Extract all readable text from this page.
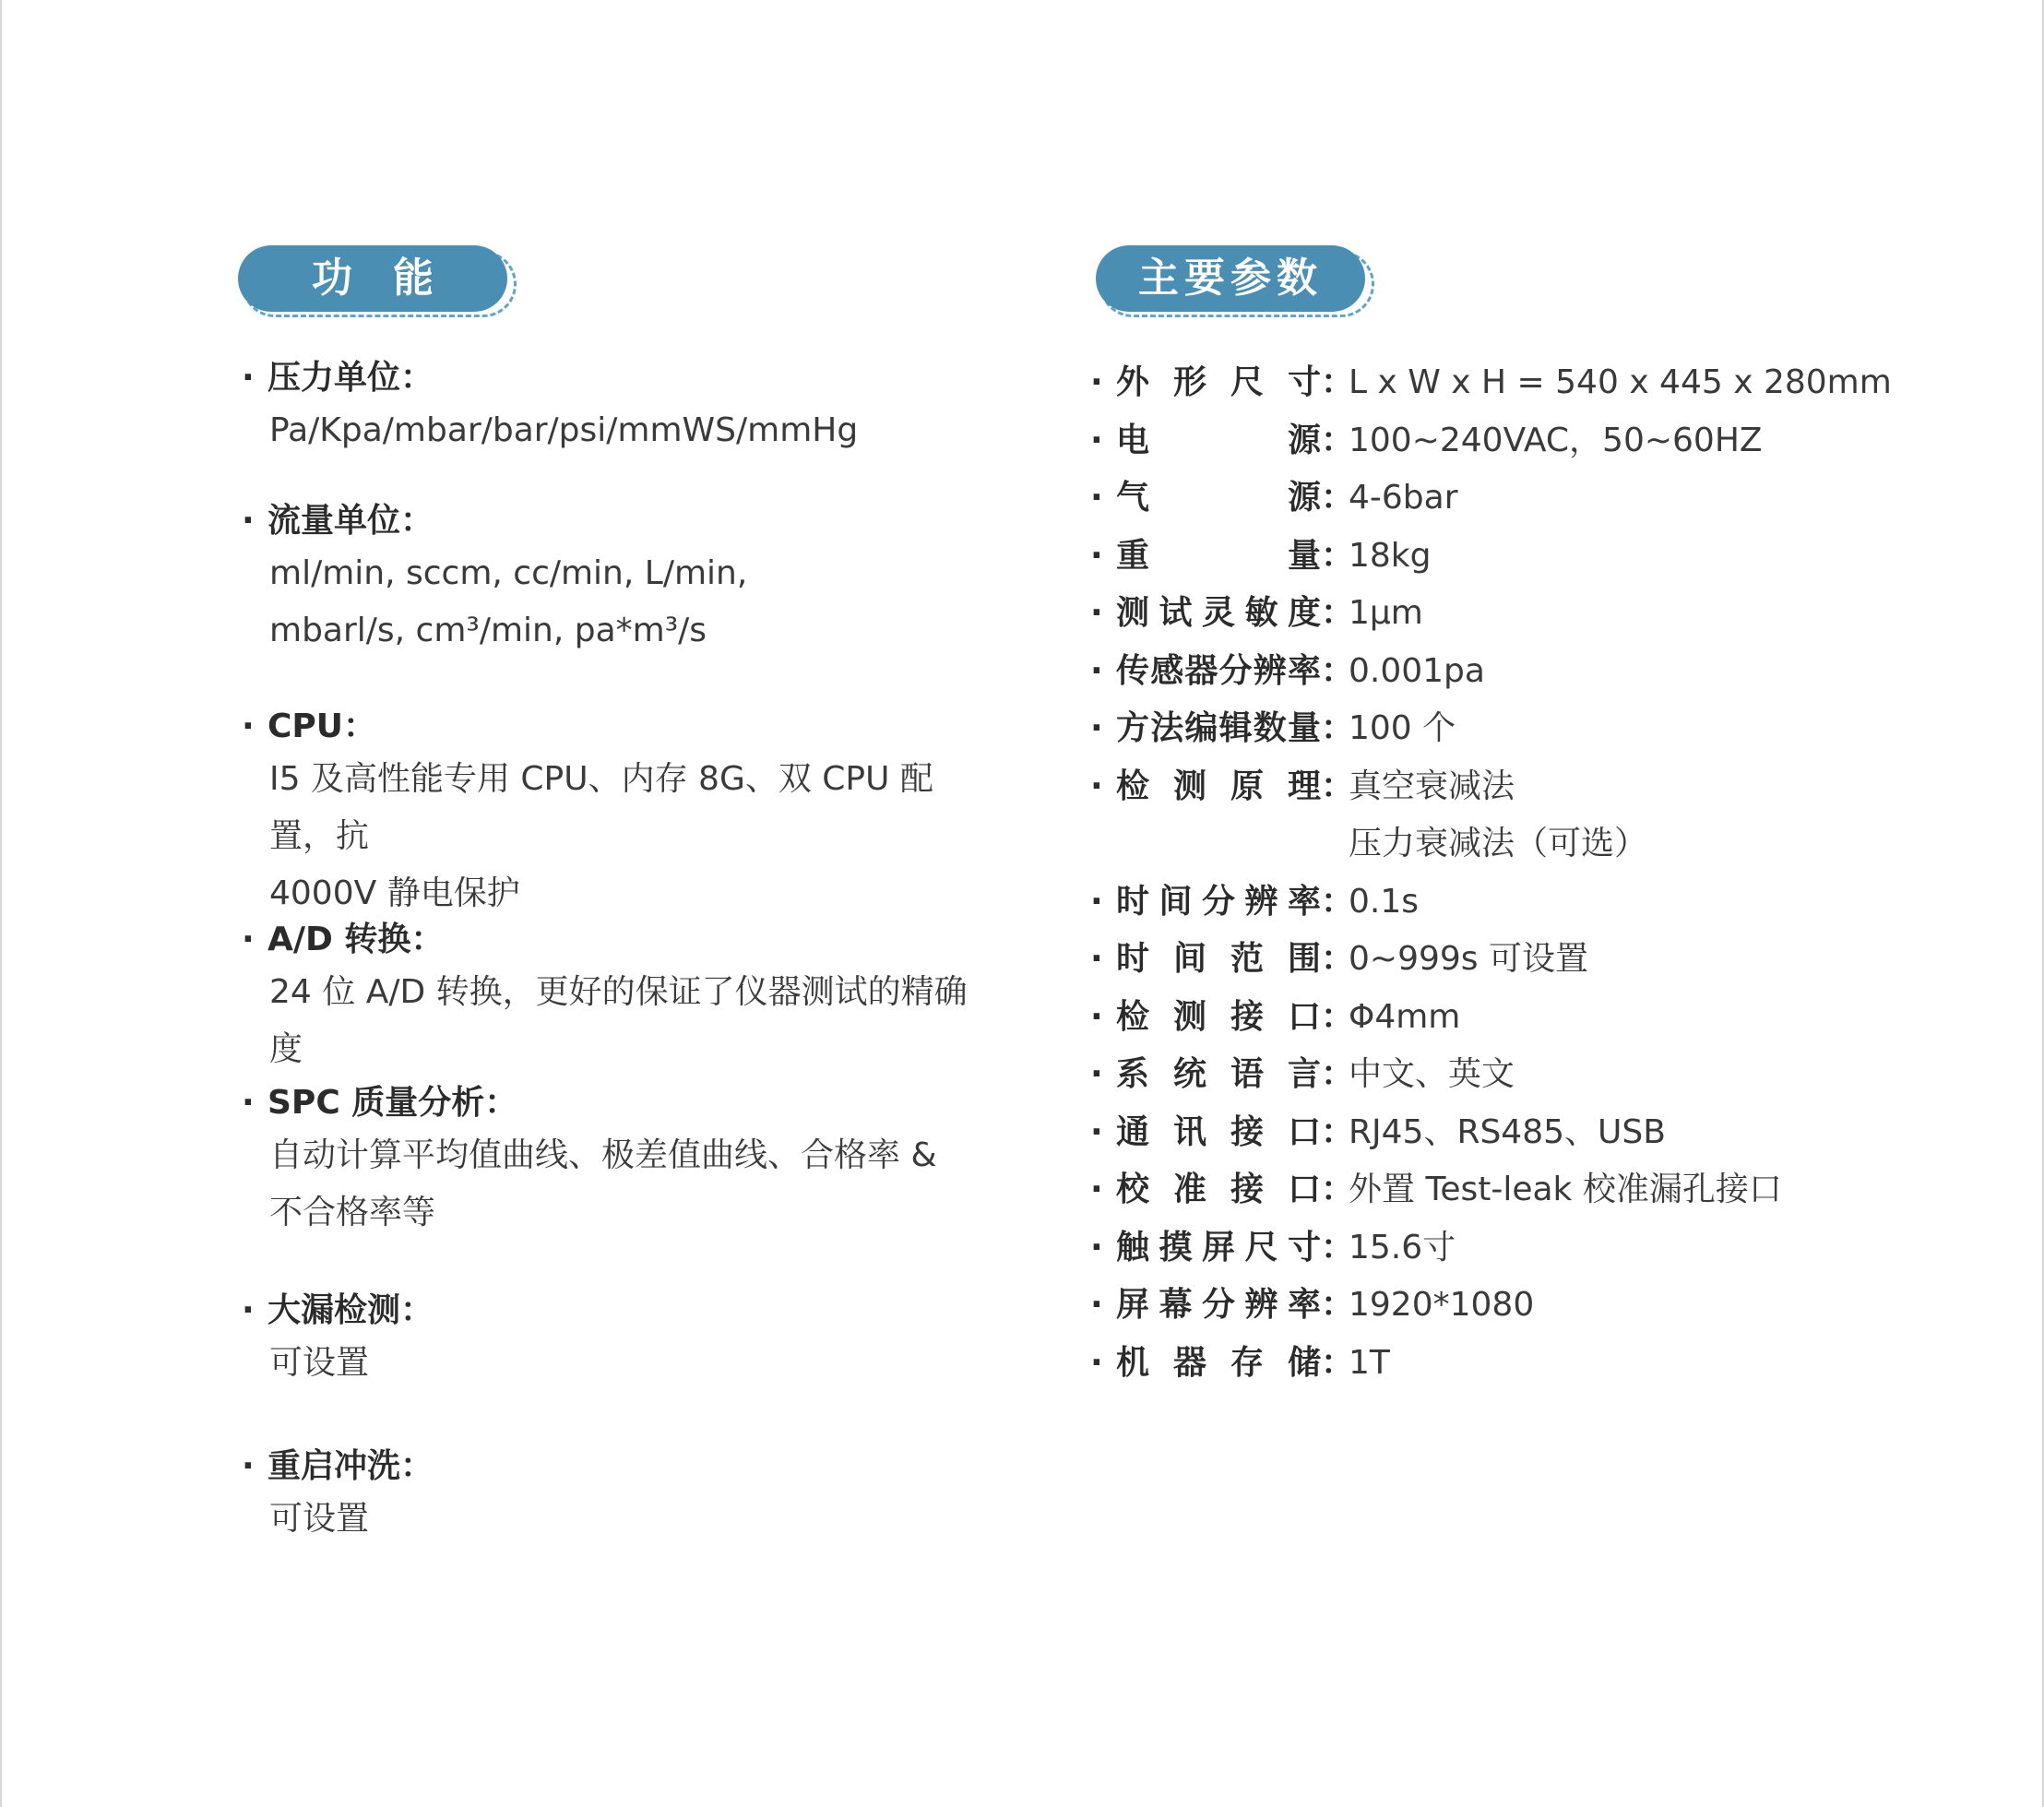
功　能	主要参数
· 压力单位：
Pa/Kpa/mbar/bar/psi/mmWS/mmHg
· 流量单位：
ml/min, sccm, cc/min, L/min,
mbarl/s, cm³/min, pa*m³/s
· CPU：
I5 及高性能专用 CPU、内存 8G、双 CPU 配置，抗
4000V 静电保护
· A/D 转换：
24 位 A/D 转换，更好的保证了仪器测试的精确度
· SPC 质量分析：
自动计算平均值曲线、极差值曲线、合格率 &
不合格率等
· 大漏检测：
可设置
· 重启冲洗：
可设置
· 外形尺寸 ：
L x W x H = 540 x 445 x 280mm
· 电源 ：
100~240VAC，50~60HZ
· 气源 ：
4-6bar
· 重量 ：
18kg
· 测试灵敏度 ：
1μm
· 传感器分辨率 ：
0.001pa
· 方法编辑数量 ：
100 个
· 检测原理 ：
真空衰减法
压力衰减法（可选）
· 时间分辨率 ：
0.1s
· 时间范围 ：
0~999s 可设置
· 检测接口 ：
Φ4mm
· 系统语言 ：
中文、英文
· 通讯接口 ：
RJ45、RS485、USB
· 校准接口 ：
外置 Test-leak 校准漏孔接口
· 触摸屏尺寸 ：
15.6寸
· 屏幕分辨率 ：
1920*1080
· 机器存储 ：
1T
